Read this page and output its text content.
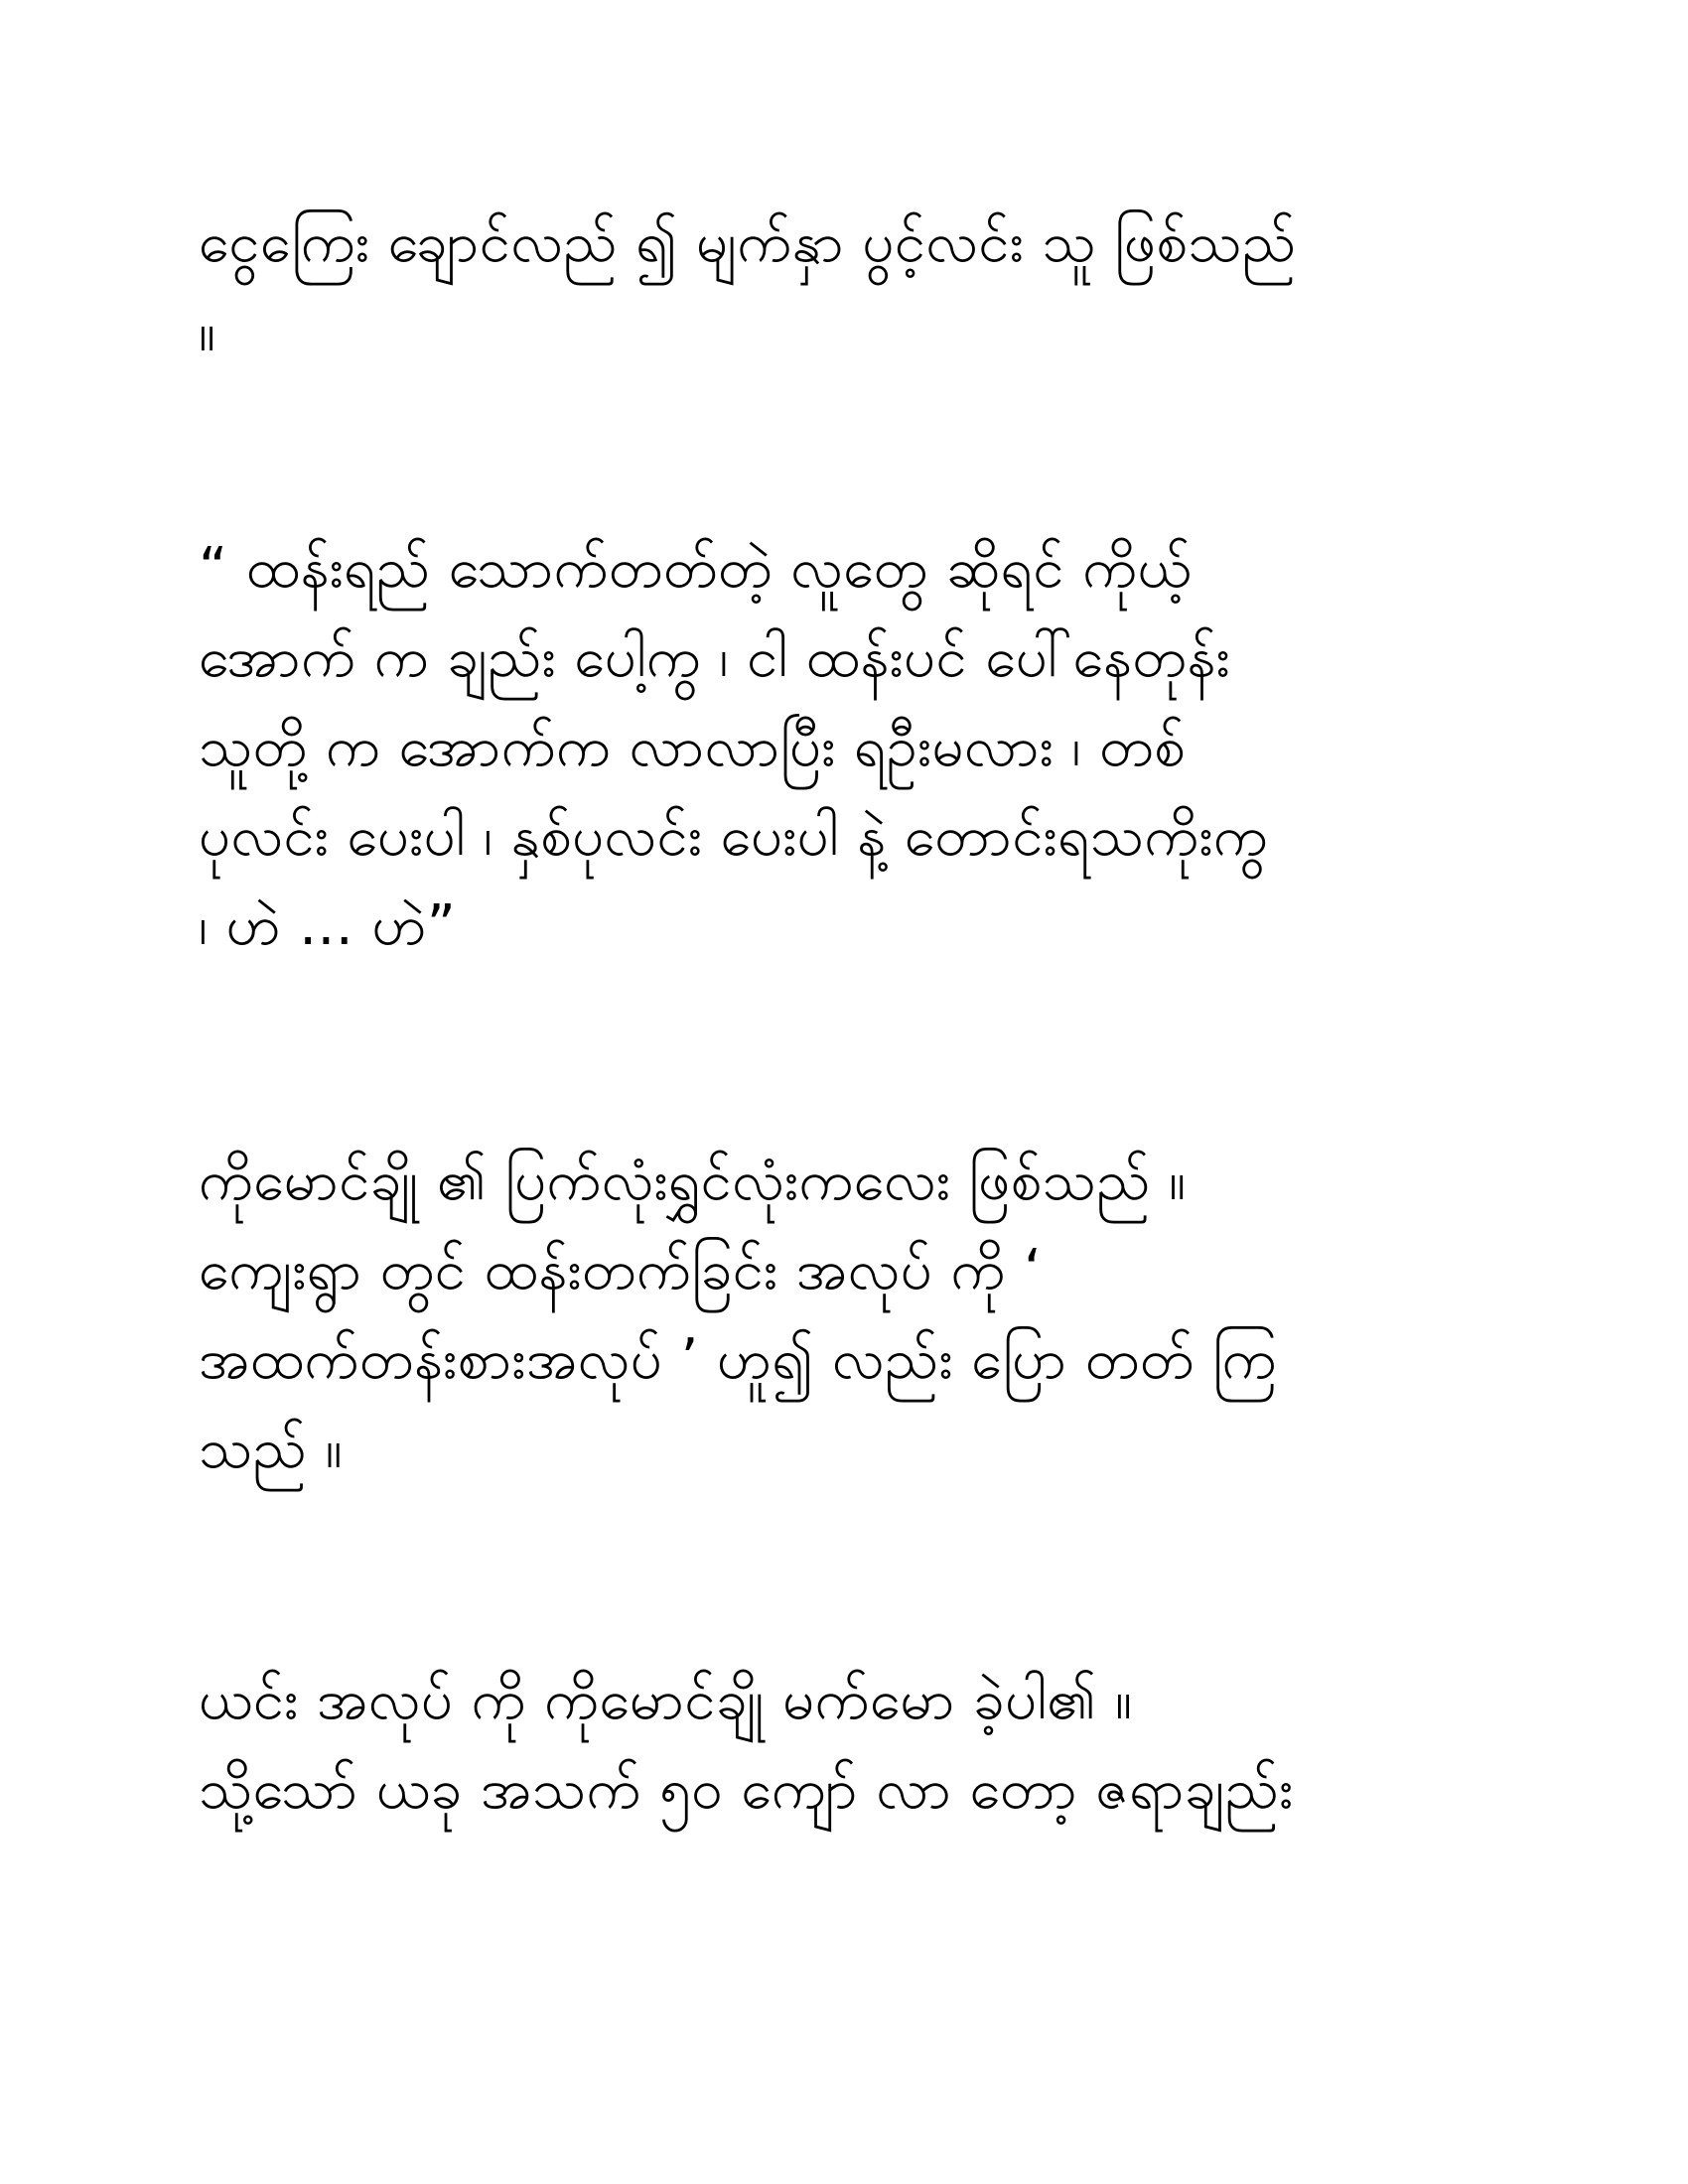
ငွေကြေး ချောင်လည် ၍ မျက်နှာ ပွင့်လင်း သူ ဖြစ်သည်
။
“ ထန်းရည် သောက်တတ်တဲ့ လူတွေ ဆိုရင် ကိုယ့်
အောက် က ချည်း ပေါ့ကွ ၊ ငါ ထန်းပင် ပေါ်နေတုန်း
သူတို့ က အောက်က လာလာပြီး ရဦးမလား ၊ တစ်
ပုလင်း ပေးပါ ၊ နှစ်ပုလင်း ပေးပါ နဲ့ တောင်းရသကိုးကွ
၊ ဟဲ ... ဟဲ”
ကိုမောင်ချို ၏ ပြက်လုံးရွှင်လုံးကလေး ဖြစ်သည် ။
ကျေးရွာ တွင် ထန်းတက်ခြင်း အလုပ် ကို ‘
အထက်တန်းစားအလုပ် ’ ဟူ၍ လည်း ပြော တတ် ကြ
သည် ။
ယင်း အလုပ် ကို ကိုမောင်ချို မက်မော ခဲ့ပါ၏ ။
သို့သော် ယခု အသက် ၅၀ ကျော် လာ တော့ ဇရာချည်း
